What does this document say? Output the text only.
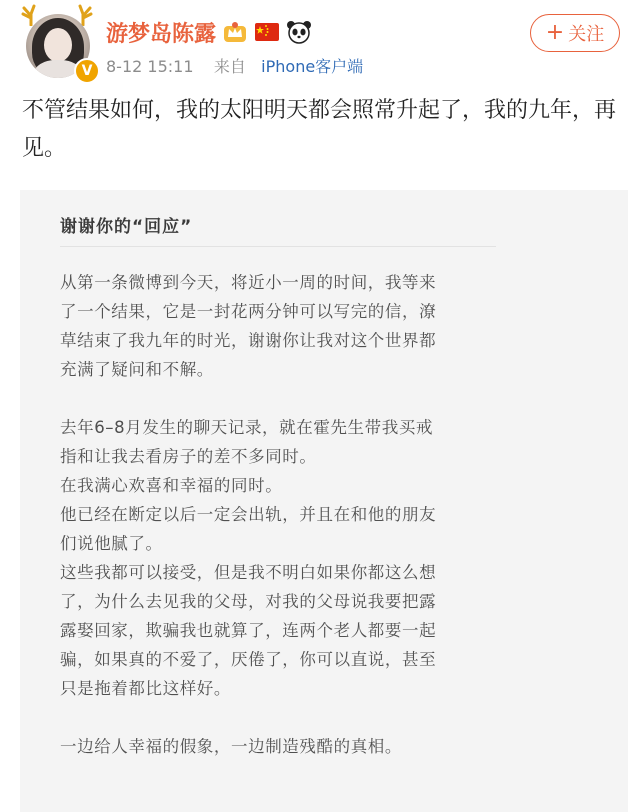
V
游梦岛陈露
8-12 15:11 来自 iPhone客户端
+ 关注
不管结果如何，我的太阳明天都会照常升起了，我的九年，再见。
谢谢你的“回应”
从第一条微博到今天，将近小一周的时间，我等来
了一个结果，它是一封花两分钟可以写完的信，潦
草结束了我九年的时光，谢谢你让我对这个世界都
充满了疑问和不解。
去年6–8月发生的聊天记录，就在霍先生带我买戒
指和让我去看房子的差不多同时。
在我满心欢喜和幸福的同时。
他已经在断定以后一定会出轨，并且在和他的朋友
们说他腻了。
这些我都可以接受，但是我不明白如果你都这么想
了，为什么去见我的父母，对我的父母说我要把露
露娶回家，欺骗我也就算了，连两个老人都要一起
骗，如果真的不爱了，厌倦了，你可以直说，甚至
只是拖着都比这样好。
一边给人幸福的假象，一边制造残酷的真相。
